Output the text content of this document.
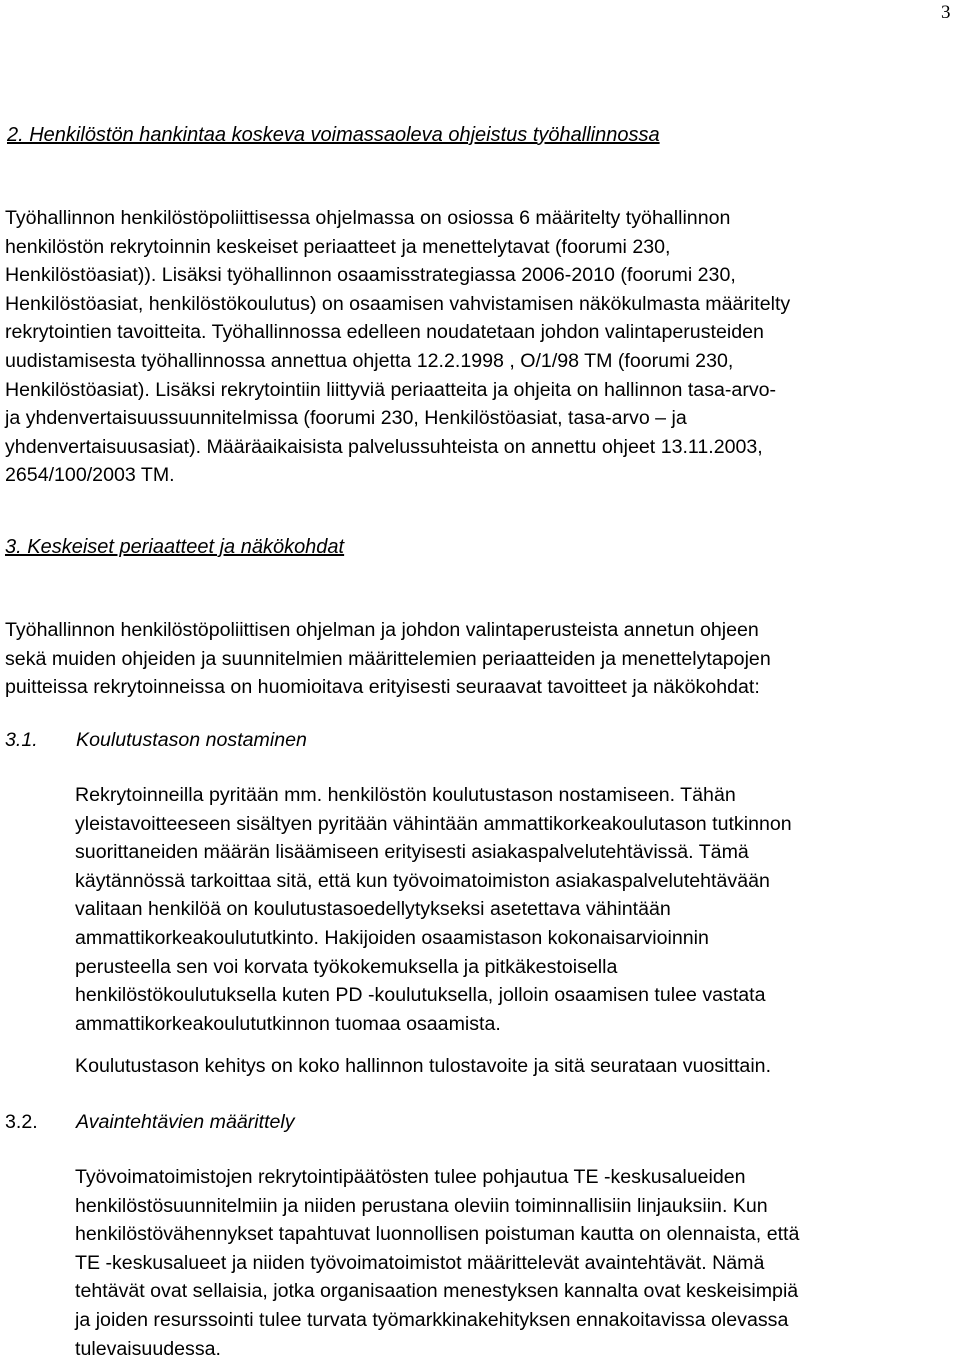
3
2. Henkilöstön hankintaa koskeva voimassaoleva ohjeistus työhallinnossa
Työhallinnon henkilöstöpoliittisessa ohjelmassa on osiossa 6 määritelty työhallinnon
henkilöstön rekrytoinnin keskeiset periaatteet ja menettelytavat (foorumi 230,
Henkilöstöasiat)). Lisäksi työhallinnon osaamisstrategiassa 2006-2010 (foorumi 230,
Henkilöstöasiat, henkilöstökoulutus) on osaamisen vahvistamisen näkökulmasta määritelty
rekrytointien tavoitteita. Työhallinnossa edelleen noudatetaan johdon valintaperusteiden
uudistamisesta työhallinnossa annettua ohjetta 12.2.1998 , O/1/98 TM (foorumi 230,
Henkilöstöasiat). Lisäksi rekrytointiin liittyviä periaatteita ja ohjeita on hallinnon tasa-arvo-
ja yhdenvertaisuussuunnitelmissa (foorumi 230, Henkilöstöasiat, tasa-arvo – ja
yhdenvertaisuusasiat). Määräaikaisista palvelussuhteista on annettu ohjeet 13.11.2003,
2654/100/2003 TM.
3. Keskeiset periaatteet ja näkökohdat
Työhallinnon henkilöstöpoliittisen ohjelman ja johdon valintaperusteista annetun ohjeen
sekä muiden ohjeiden ja suunnitelmien määrittelemien periaatteiden ja menettelytapojen
puitteissa rekrytoinneissa on huomioitava erityisesti seuraavat tavoitteet ja näkökohdat:
3.1. Koulutustason nostaminen
Rekrytoinneilla pyritään mm. henkilöstön koulutustason nostamiseen. Tähän
yleistavoitteeseen sisältyen pyritään vähintään ammattikorkeakoulutason tutkinnon
suorittaneiden määrän lisäämiseen erityisesti asiakaspalvelutehtävissä. Tämä
käytännössä tarkoittaa sitä, että kun työvoimatoimiston asiakaspalvelutehtävään
valitaan henkilöä on koulutustasoedellytykseksi asetettava vähintään
ammattikorkeakoulututkinto. Hakijoiden osaamistason kokonaisarvioinnin
perusteella sen voi korvata työkokemuksella ja pitkäkestoisella
henkilöstökoulutuksella kuten PD -koulutuksella, jolloin osaamisen tulee vastata
ammattikorkeakoulututkinnon tuomaa osaamista.
Koulutustason kehitys on koko hallinnon tulostavoite ja sitä seurataan vuosittain.
3.2. Avaintehtävien määrittely
Työvoimatoimistojen rekrytointipäätösten tulee pohjautua TE -keskusalueiden
henkilöstösuunnitelmiin ja niiden perustana oleviin toiminnallisiin linjauksiin. Kun
henkilöstövähennykset tapahtuvat luonnollisen poistuman kautta on olennaista, että
TE -keskusalueet ja niiden työvoimatoimistot määrittelevät avaintehtävät. Nämä
tehtävät ovat sellaisia, jotka organisaation menestyksen kannalta ovat keskeisimpiä
ja joiden resurssointi tulee turvata työmarkkinakehityksen ennakoitavissa olevassa
tulevaisuudessa.
